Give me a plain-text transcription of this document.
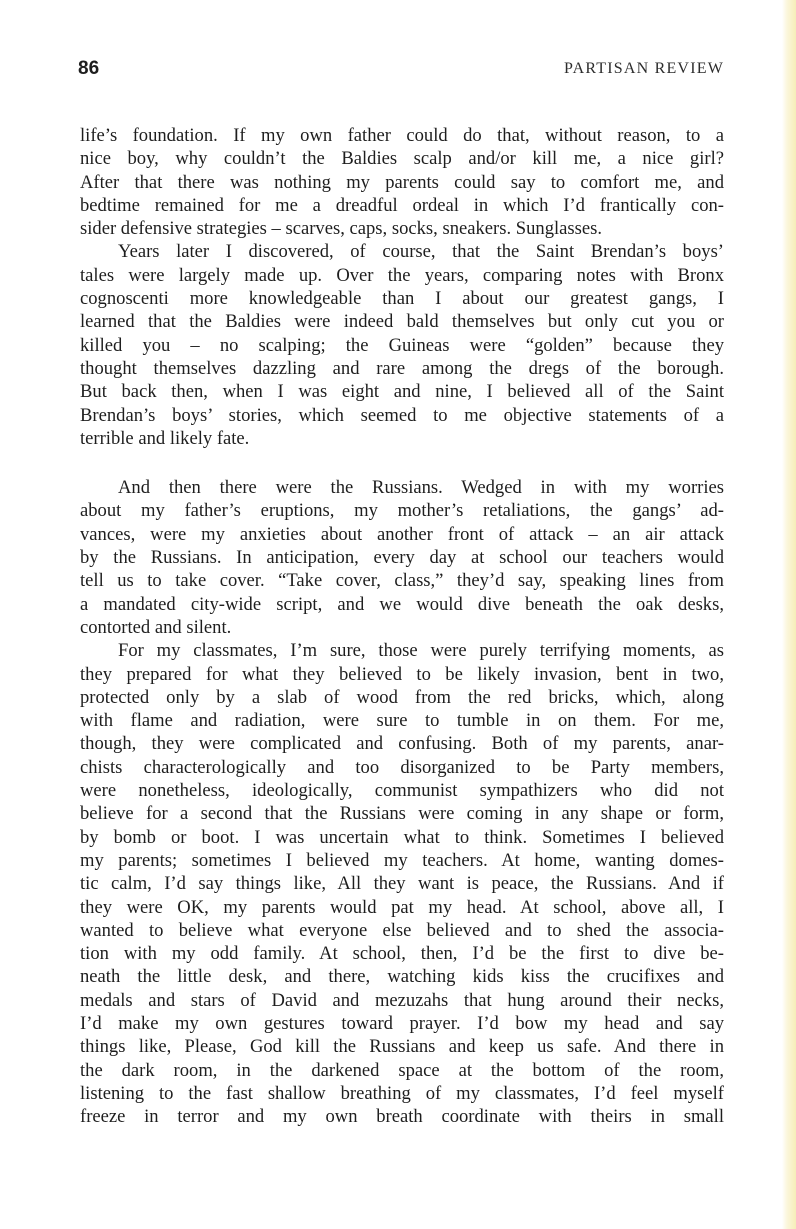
86	PARTISAN REVIEW
life’s foundation. If my own father could do that, without reason, to a
nice boy, why couldn’t the Baldies scalp and/or kill me, a nice girl?
After that there was nothing my parents could say to comfort me, and
bedtime remained for me a dreadful ordeal in which I’d frantically con-
sider defensive strategies – scarves, caps, socks, sneakers. Sunglasses.
Years later I discovered, of course, that the Saint Brendan’s boys’
tales were largely made up. Over the years, comparing notes with Bronx
cognoscenti more knowledgeable than I about our greatest gangs, I
learned that the Baldies were indeed bald themselves but only cut you or
killed you – no scalping; the Guineas were “golden” because they
thought themselves dazzling and rare among the dregs of the borough.
But back then, when I was eight and nine, I believed all of the Saint
Brendan’s boys’ stories, which seemed to me objective statements of a
terrible and likely fate.
And then there were the Russians. Wedged in with my worries
about my father’s eruptions, my mother’s retaliations, the gangs’ ad-
vances, were my anxieties about another front of attack – an air attack
by the Russians. In anticipation, every day at school our teachers would
tell us to take cover. “Take cover, class,” they’d say, speaking lines from
a mandated city-wide script, and we would dive beneath the oak desks,
contorted and silent.
For my classmates, I’m sure, those were purely terrifying moments, as
they prepared for what they believed to be likely invasion, bent in two,
protected only by a slab of wood from the red bricks, which, along
with flame and radiation, were sure to tumble in on them. For me,
though, they were complicated and confusing. Both of my parents, anar-
chists characterologically and too disorganized to be Party members,
were nonetheless, ideologically, communist sympathizers who did not
believe for a second that the Russians were coming in any shape or form,
by bomb or boot. I was uncertain what to think. Sometimes I believed
my parents; sometimes I believed my teachers. At home, wanting domes-
tic calm, I’d say things like, All they want is peace, the Russians. And if
they were OK, my parents would pat my head. At school, above all, I
wanted to believe what everyone else believed and to shed the associa-
tion with my odd family. At school, then, I’d be the first to dive be-
neath the little desk, and there, watching kids kiss the crucifixes and
medals and stars of David and mezuzahs that hung around their necks,
I’d make my own gestures toward prayer. I’d bow my head and say
things like, Please, God kill the Russians and keep us safe. And there in
the dark room, in the darkened space at the bottom of the room,
listening to the fast shallow breathing of my classmates, I’d feel myself
freeze in terror and my own breath coordinate with theirs in small
